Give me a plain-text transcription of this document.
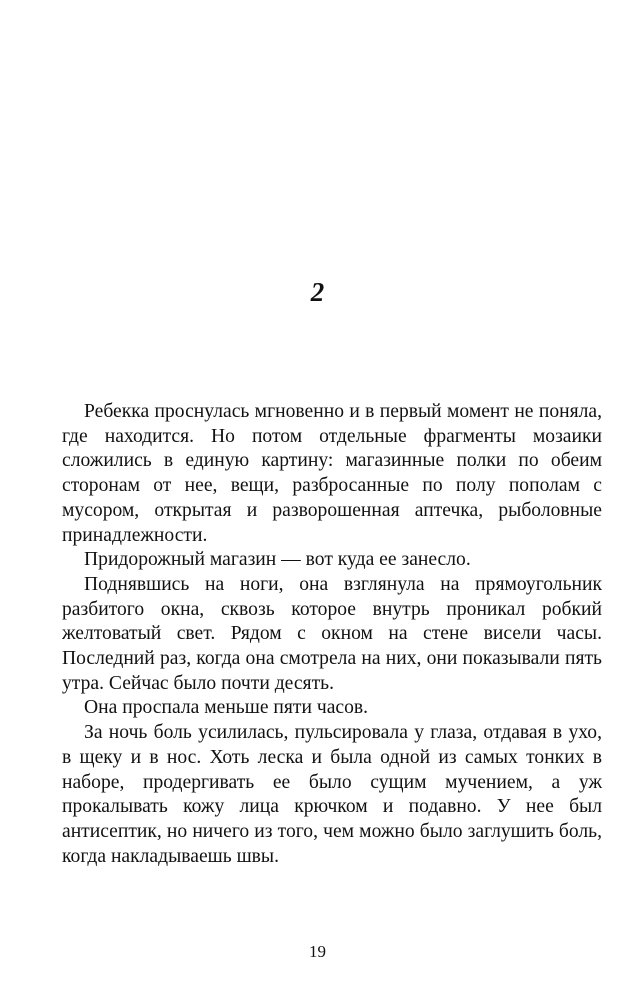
2

Ребекка проснулась мгновенно и в первый момент не поняла, где находится. Но потом отдельные фрагменты мозаики сложились в единую картину: магазинные полки по обеим сторонам от нее, вещи, разбросанные по полу пополам с мусором, открытая и разворошенная аптечка, рыболовные принадлежности.

Придорожный магазин — вот куда ее занесло.

Поднявшись на ноги, она взглянула на прямоугольник разбитого окна, сквозь которое внутрь проникал робкий желтоватый свет. Рядом с окном на стене висели часы. Последний раз, когда она смотрела на них, они показывали пять утра. Сейчас было почти десять.

Она проспала меньше пяти часов.

За ночь боль усилилась, пульсировала у глаза, отдавая в ухо, в щеку и в нос. Хоть леска и была одной из самых тонких в наборе, продергивать ее было сущим мучением, а уж прокалывать кожу лица крючком и подавно. У нее был антисептик, но ничего из того, чем можно было заглушить боль, когда накладываешь швы.

19
